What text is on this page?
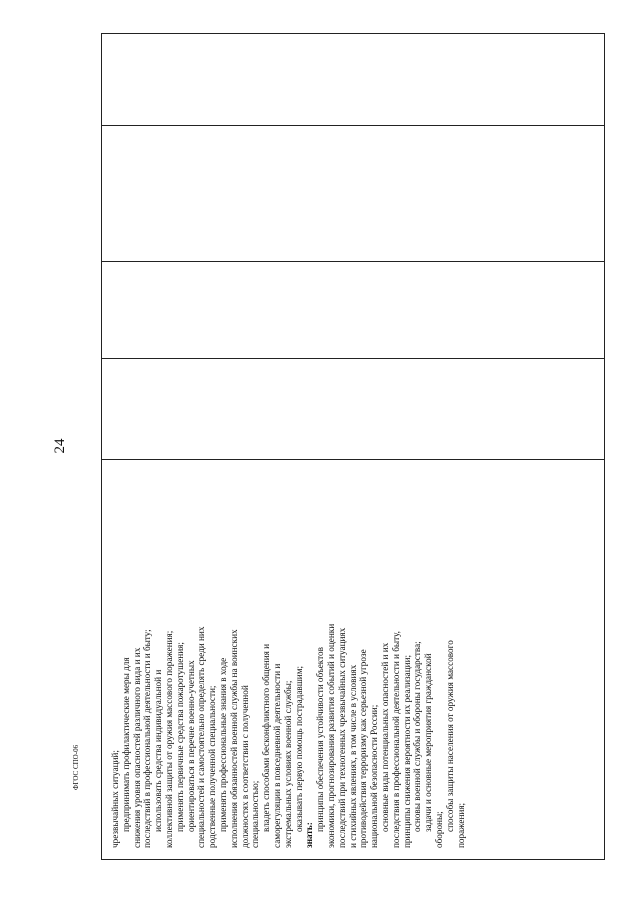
24
ФГОС СПО-06	чрезвычайных ситуаций; предпринимать профилактические меры для снижения уровня опасностей различного вида и их последствий в профессиональной деятельности и быту; использовать средства индивидуальной и коллективной защиты от оружия массового поражения; применять первичные средства пожаротушения; ориентироваться в перечне военно-учетных специальностей и самостоятельно определять среди них родственные полученной специальности; применять профессиональные знания в ходе исполнения обязанностей военной службы на воинских должностях в соответствии с полученной специальностью; владеть способами бесконфликтного общения и саморегуляции в повседневной деятельности и экстремальных условиях военной службы; оказывать первую помощь пострадавшим;

знать:

принципы обеспечения устойчивости объектов экономики, прогнозирования развития событий и оценки последствий при техногенных чрезвычайных ситуациях и стихийных явлениях, в том числе в условиях противодействия терроризму как серьезной угрозе национальной безопасности России; основные виды потенциальных опасностей и их последствия в профессиональной деятельности и быту, принципы снижения вероятности их реализации; основы военной службы и обороны государства; задачи и основные мероприятия гражданской обороны; способы защиты населения от оружия массового поражения;
